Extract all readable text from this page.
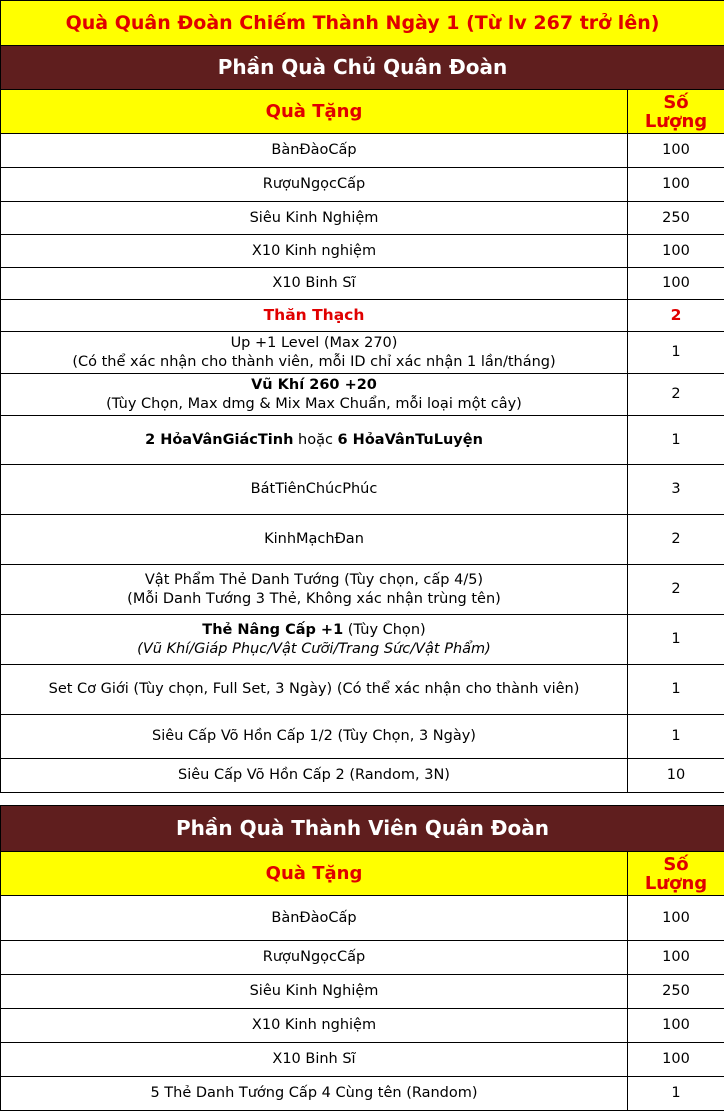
Quà Quân Đoàn Chiếm Thành Ngày 1 (Từ lv 267 trở lên)	
Phần Quà Chủ Quân Đoàn	
Quà Tặng	Số Lượng
BànĐàoCấp	100
RượuNgọcCấp	100
Siêu Kinh Nghiệm	250
X10 Kinh nghiệm	100
X10 Binh Sĩ	100
Thăn Thạch	2

Up +1 Level (Max 270)
(Có thể xác nhận cho thành viên, mỗi ID chỉ xác nhận 1 lần/tháng)	1

Vũ Khí 260 +20
(Tùy Chọn, Max dmg & Mix Max Chuẩn, mỗi loại một cây)	2
2 HỏaVânGiácTinh hoặc 6 HỏaVânTuLuyện	1
BátTiênChúcPhúc	3
KinhMạchĐan	2

Vật Phẩm Thẻ Danh Tướng (Tùy chọn, cấp 4/5)
(Mỗi Danh Tướng 3 Thẻ, Không xác nhận trùng tên)	2

Thẻ Nâng Cấp +1 (Tùy Chọn)
(Vũ Khí/Giáp Phục/Vật Cưỡi/Trang Sức/Vật Phẩm)	1
Set Cơ Giới (Tùy chọn, Full Set, 3 Ngày) (Có thể xác nhận cho thành viên)	1
Siêu Cấp Võ Hồn Cấp 1/2 (Tùy Chọn, 3 Ngày)	1
Siêu Cấp Võ Hồn Cấp 2 (Random, 3N)	10
Phần Quà Thành Viên Quân Đoàn	
Quà Tặng	Số Lượng
BànĐàoCấp	100
RượuNgọcCấp	100
Siêu Kinh Nghiệm	250
X10 Kinh nghiệm	100
X10 Binh Sĩ	100
5 Thẻ Danh Tướng Cấp 4 Cùng tên (Random)	1
